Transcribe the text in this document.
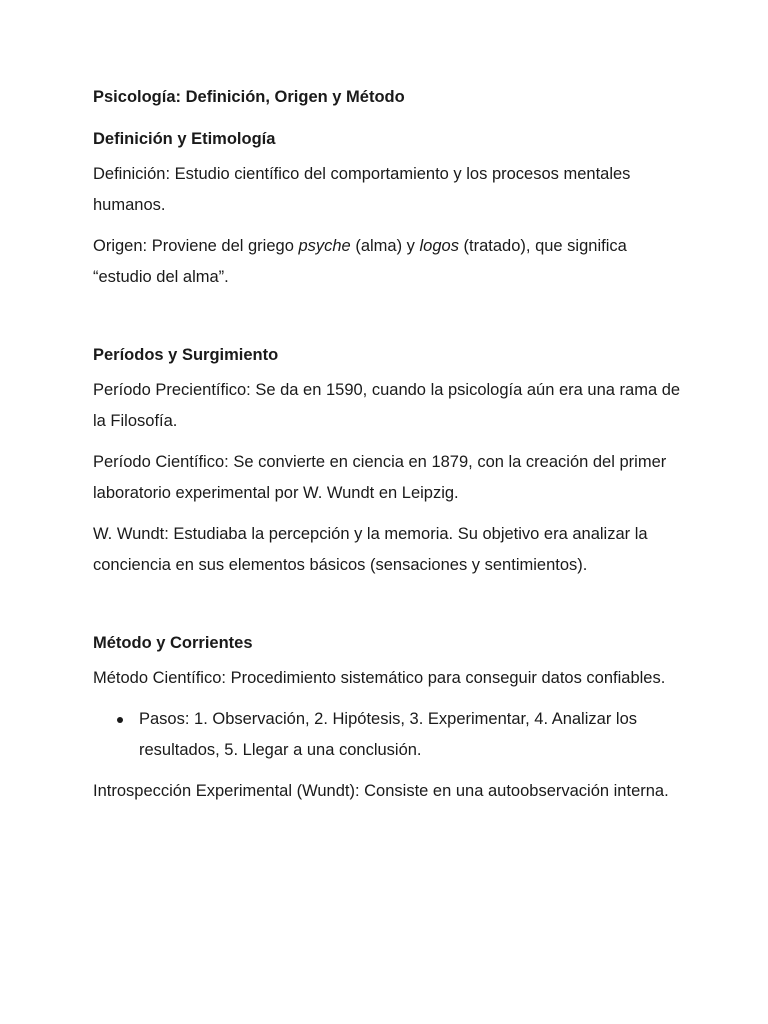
Psicología: Definición, Origen y Método
Definición y Etimología

Definición: Estudio científico del comportamiento y los procesos mentales humanos.

Origen: Proviene del griego psyche (alma) y logos (tratado), que significa “estudio del alma”.

Períodos y Surgimiento

Período Precientífico: Se da en 1590, cuando la psicología aún era una rama de la Filosofía.

Período Científico: Se convierte en ciencia en 1879, con la creación del primer laboratorio experimental por W. Wundt en Leipzig.

W. Wundt: Estudiaba la percepción y la memoria. Su objetivo era analizar la conciencia en sus elementos básicos (sensaciones y sentimientos).

Método y Corrientes

Método Científico: Procedimiento sistemático para conseguir datos confiables.

Pasos: 1. Observación, 2. Hipótesis, 3. Experimentar, 4. Analizar los resultados, 5. Llegar a una conclusión.

Introspección Experimental (Wundt): Consiste en una autoobservación interna.
